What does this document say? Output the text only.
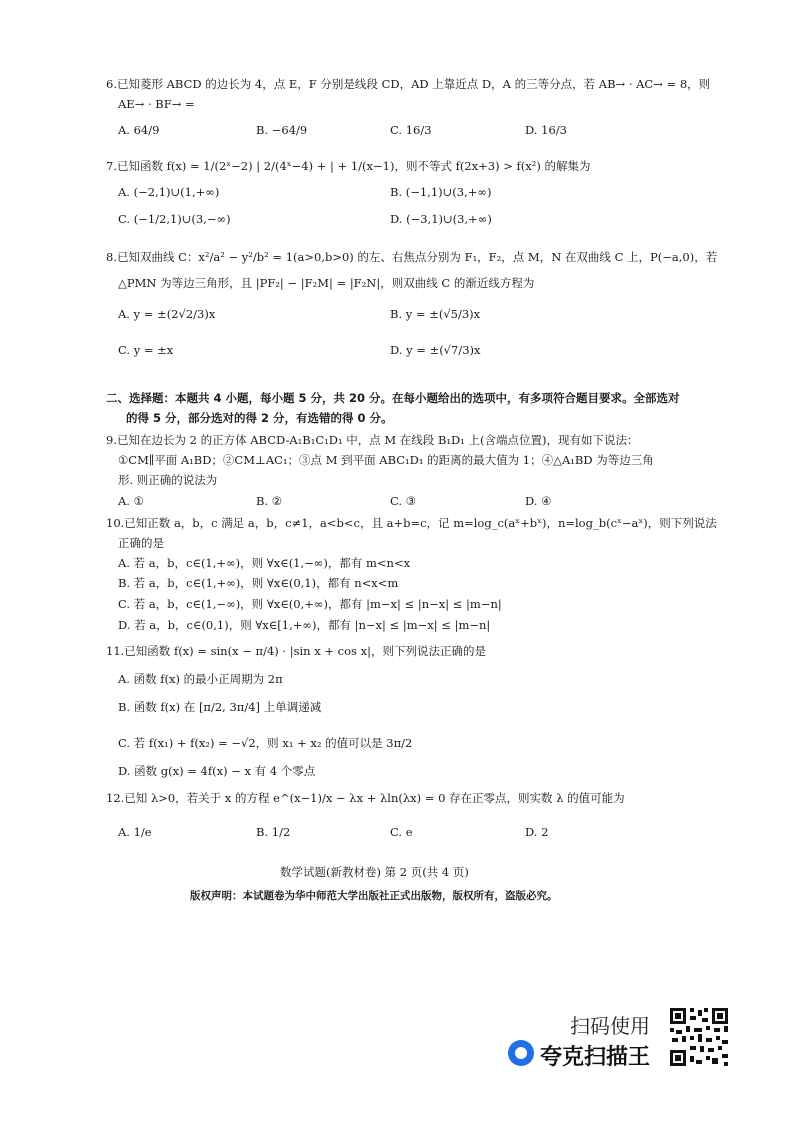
6.已知菱形 ABCD 的边长为 4，点 E，F 分别是线段 CD，AD 上靠近点 D，A 的三等分点，若 AB→ · AC→ = 8，则
AE→ · BF→ =
A. 64/9	B. −64/9	C. 16/3	D. 16/3
7.已知函数 f(x) = 1/(2ˣ−2) | 2/(4ˣ−4) + | + 1/(x−1)，则不等式 f(2x+3) > f(x²) 的解集为
A. (−2,1)∪(1,+∞)	B. (−1,1)∪(3,+∞)
C. (−1/2,1)∪(3,−∞)	D. (−3,1)∪(3,+∞)
8.已知双曲线 C：x²/a² − y²/b² = 1(a>0,b>0) 的左、右焦点分别为 F₁，F₂，点 M，N 在双曲线 C 上，P(−a,0)，若
△PMN 为等边三角形，且 |PF₂| − |F₂M| = |F₂N|，则双曲线 C 的渐近线方程为
A. y = ±(2√2/3)x	B. y = ±(√5/3)x
C. y = ±x	D. y = ±(√7/3)x
二、选择题：本题共 4 小题，每小题 5 分，共 20 分。在每小题给出的选项中，有多项符合题目要求。全部选对
的得 5 分，部分选对的得 2 分，有选错的得 0 分。
9.已知在边长为 2 的正方体 ABCD-A₁B₁C₁D₁ 中，点 M 在线段 B₁D₁ 上(含端点位置)，现有如下说法：
①CM∥平面 A₁BD；②CM⊥AC₁；③点 M 到平面 ABC₁D₁ 的距离的最大值为 1；④△A₁BD 为等边三角
形. 则正确的说法为
A. ①	B. ②	C. ③	D. ④
10.已知正数 a，b，c 满足 a，b，c≠1，a<b<c，且 a+b=c，记 m=log_c(aˣ+bˣ)，n=log_b(cˣ−aˣ)，则下列说法
正确的是
A. 若 a，b，c∈(1,+∞)，则 ∀x∈(1,−∞)，都有 m<n<x
B. 若 a，b，c∈(1,+∞)，则 ∀x∈(0,1)，都有 n<x<m
C. 若 a，b，c∈(1,−∞)，则 ∀x∈(0,+∞)，都有 |m−x| ≤ |n−x| ≤ |m−n|
D. 若 a，b，c∈(0,1)，则 ∀x∈[1,+∞)，都有 |n−x| ≤ |m−x| ≤ |m−n|
11.已知函数 f(x) = sin(x − π/4) · |sin x + cos x|，则下列说法正确的是
A. 函数 f(x) 的最小正周期为 2π
B. 函数 f(x) 在 [π/2, 3π/4] 上单调递减
C. 若 f(x₁) + f(x₂) = −√2，则 x₁ + x₂ 的值可以是 3π/2
D. 函数 g(x) = 4f(x) − x 有 4 个零点
12.已知 λ>0，若关于 x 的方程 e^(x−1)/x − λx + λln(λx) = 0 存在正零点，则实数 λ 的值可能为
A. 1/e	B. 1/2	C. e	D. 2
数学试题(新教材卷) 第 2 页(共 4 页)
版权声明：本试题卷为华中师范大学出版社正式出版物，版权所有，盗版必究。
扫码使用
夸克扫描王
